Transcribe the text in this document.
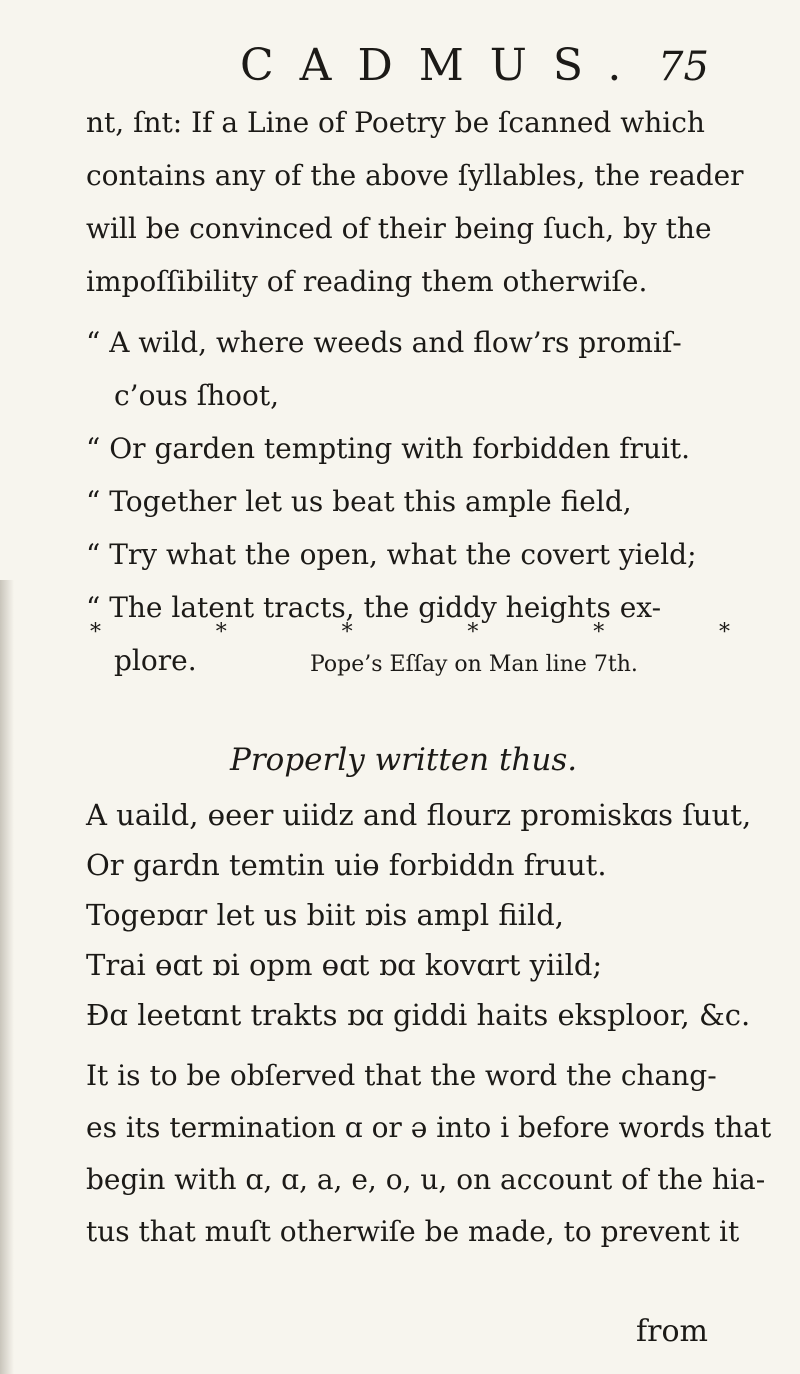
CADMUS. 75
nt, ſnt: If a Line of Poetry be ſcanned which
contains any of the above ſyllables, the reader
will be convinced of their being ſuch, by the
impoſſibility of reading them otherwiſe.
“ A wild, where weeds and flow’rs promiſ-
c’ous ſhoot,
“ Or garden tempting with forbidden fruit.
“ Together let us beat this ample field,
“ Try what the open, what the covert yield;
“ The latent tracts, the giddy heights ex-
plore.
*	*	*	*	*	*
Pope’s Eſſay on Man line 7th.
Properly written thus.
A uaild, ɵeer uiidz and flourz promiskɑs ſuut,
Or gardn temtin uiɵ forbiddn fruut.
Togeɒɑr let us biit ɒis ampl fiild,
Trai ɵɑt ɒi opm ɵɑt ɒɑ kovɑrt yiild;
Ðɑ leetɑnt trakts ɒɑ giddi haits eksploor, &c.
It is to be obſerved that the word the chang-
es its termination ɑ or ə into i before words that
begin with ɑ, ɑ, a, e, o, u, on account of the hia-
tus that muſt otherwiſe be made, to prevent it
from
